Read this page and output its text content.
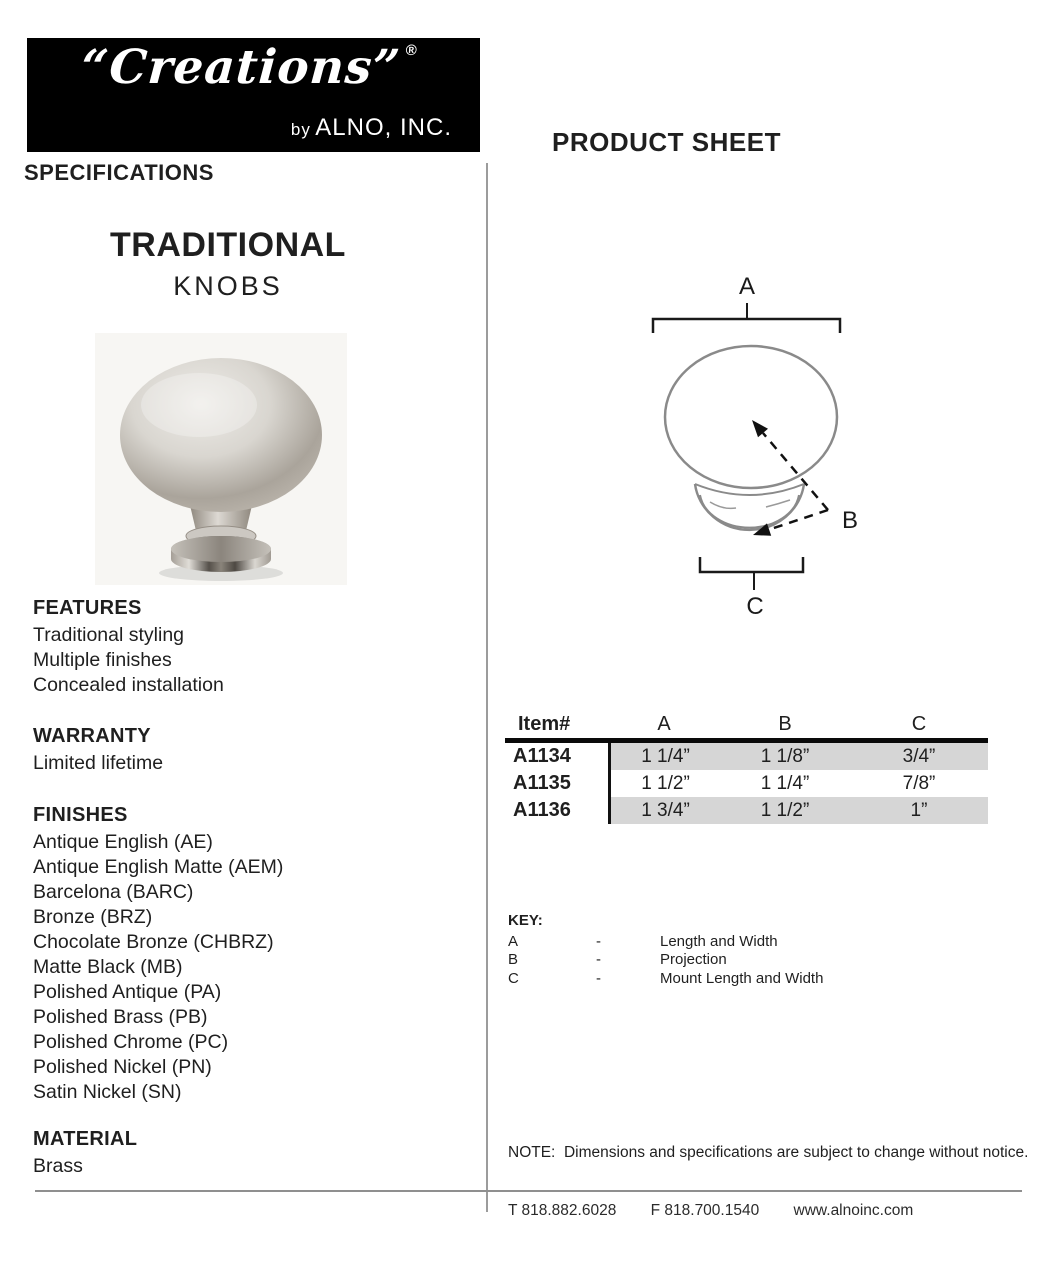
“Creations” ®
by ALNO, INC.
SPECIFICATIONS
PRODUCT SHEET
TRADITIONAL
KNOBS
FEATURES
Traditional styling
Multiple finishes
Concealed installation
WARRANTY
Limited lifetime
FINISHES
Antique English (AE)
Antique English Matte (AEM)
Barcelona (BARC)
Bronze (BRZ)
Chocolate Bronze (CHBRZ)
Matte Black (MB)
Polished Antique (PA)
Polished Brass (PB)
Polished Chrome (PC)
Polished Nickel (PN)
Satin Nickel (SN)
MATERIAL
Brass
A
B
C
Item#	A	B	C
A1134	1 1/4”	1 1/8”	3/4”
A1135	1 1/2”	1 1/4”	7/8”
A1136	1 3/4”	1 1/2”	1”
KEY:
A	-	Length and Width
B	-	Projection
C	-	Mount Length and Width
NOTE:  Dimensions and specifications are subject to change without notice.
T 818.882.6028 F 818.700.1540 www.alnoinc.com
